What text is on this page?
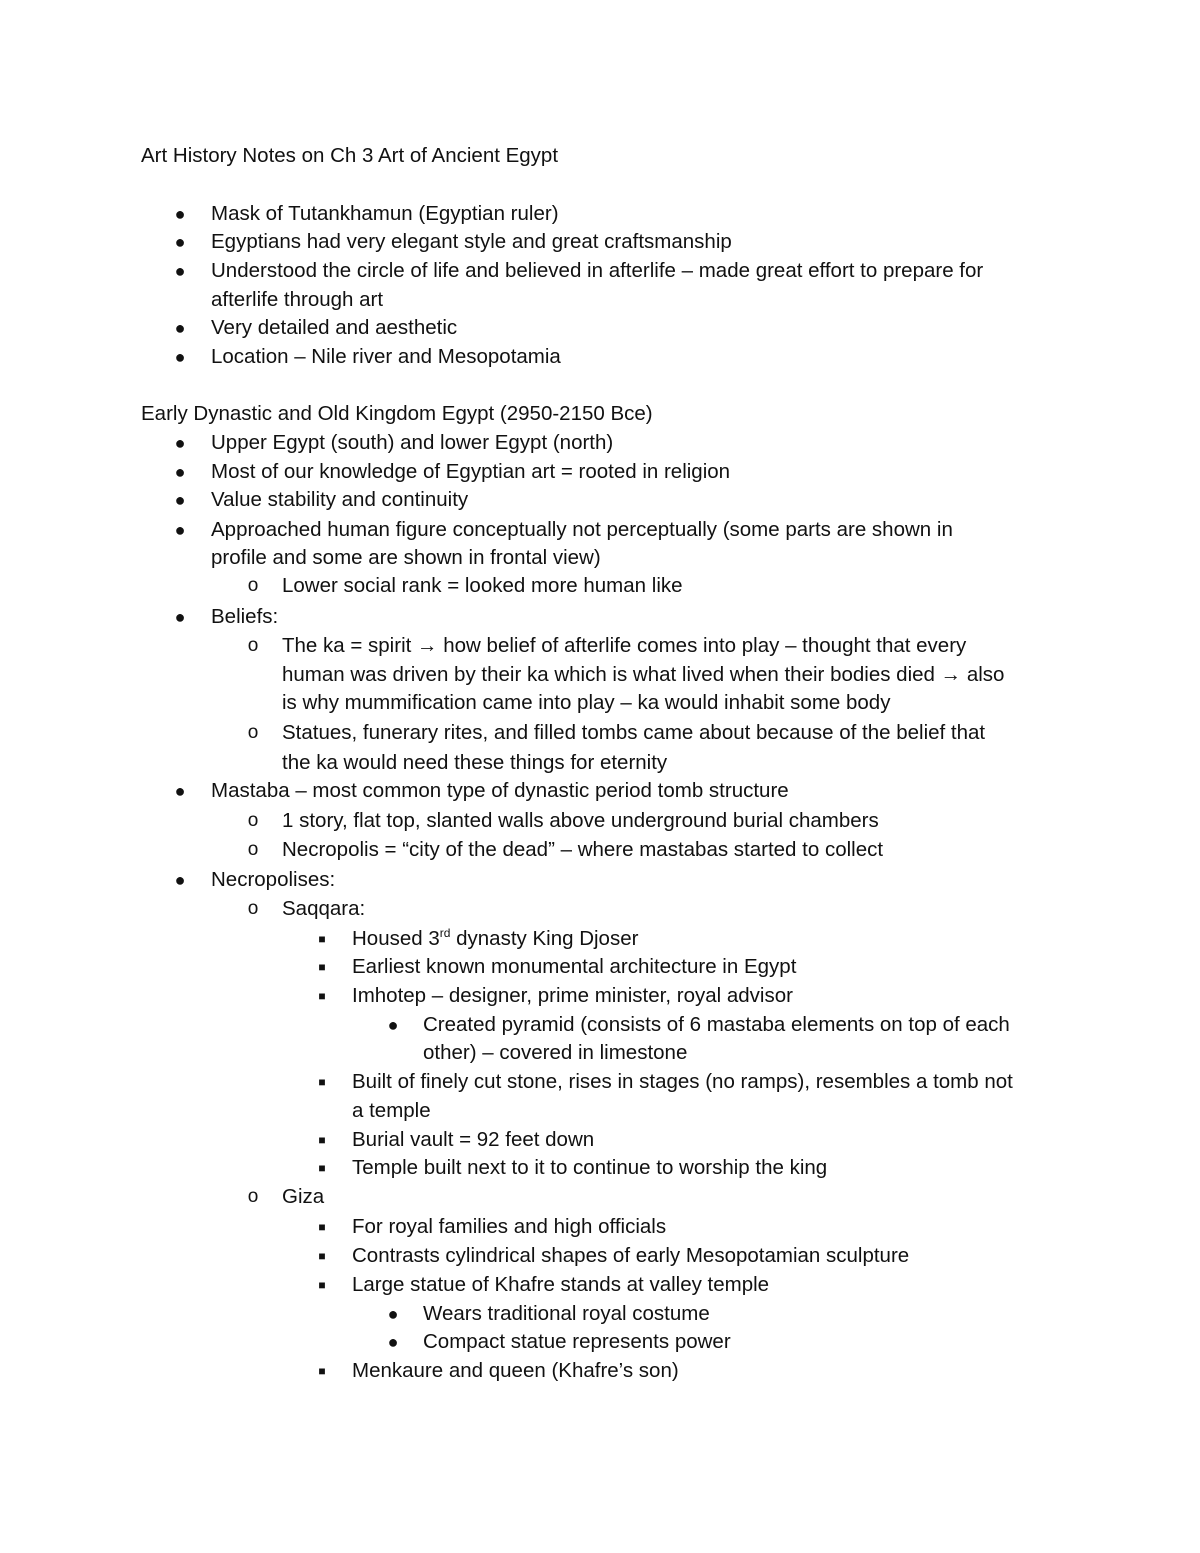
Art History Notes on Ch 3 Art of Ancient Egypt
● Mask of Tutankhamun (Egyptian ruler)
● Egyptians had very elegant style and great craftsmanship
● Understood the circle of life and believed in afterlife – made great effort to prepare for
afterlife through art
● Very detailed and aesthetic
● Location – Nile river and Mesopotamia
Early Dynastic and Old Kingdom Egypt (2950-2150 Bce)
● Upper Egypt (south) and lower Egypt (north)
● Most of our knowledge of Egyptian art = rooted in religion
● Value stability and continuity
● Approached human figure conceptually not perceptually (some parts are shown in
profile and some are shown in frontal view)
o Lower social rank = looked more human like
● Beliefs:
o The ka = spirit → how belief of afterlife comes into play – thought that every
human was driven by their ka which is what lived when their bodies died → also
is why mummification came into play – ka would inhabit some body
o Statues, funerary rites, and filled tombs came about because of the belief that
the ka would need these things for eternity
● Mastaba – most common type of dynastic period tomb structure
o 1 story, flat top, slanted walls above underground burial chambers
o Necropolis = “city of the dead” – where mastabas started to collect
● Necropolises:
o Saqqara:
■ Housed 3rd dynasty King Djoser
■ Earliest known monumental architecture in Egypt
■ Imhotep – designer, prime minister, royal advisor
● Created pyramid (consists of 6 mastaba elements on top of each
other) – covered in limestone
■ Built of finely cut stone, rises in stages (no ramps), resembles a tomb not
a temple
■ Burial vault = 92 feet down
■ Temple built next to it to continue to worship the king
o Giza
■ For royal families and high officials
■ Contrasts cylindrical shapes of early Mesopotamian sculpture
■ Large statue of Khafre stands at valley temple
● Wears traditional royal costume
● Compact statue represents power
■ Menkaure and queen (Khafre’s son)
